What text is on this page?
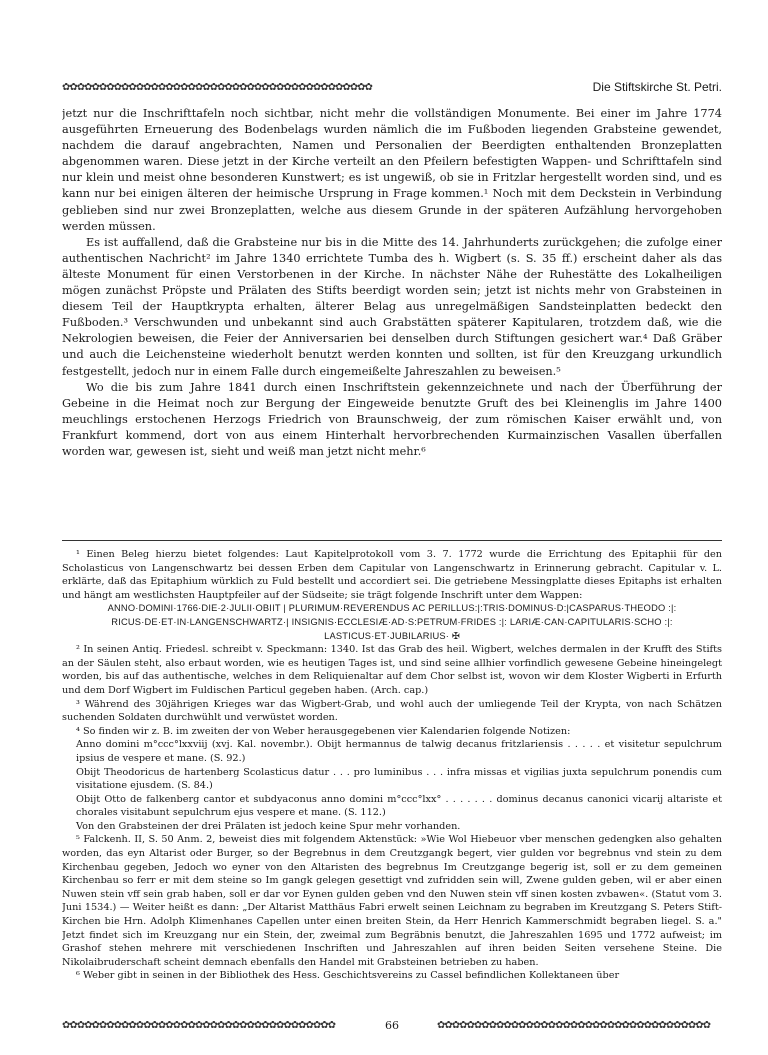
✿✿✿✿✿✿✿✿✿✿✿✿✿✿✿✿✿✿✿✿✿✿✿✿✿✿✿✿✿✿✿✿✿✿✿✿✿✿✿✿✿✿	Die Stiftskirche St. Petri.

jetzt nur die Inschrifttafeln noch sichtbar, nicht mehr die vollständigen Monumente. Bei einer im Jahre 1774 ausgeführten Erneuerung des Bodenbelags wurden nämlich die im Fußboden liegenden Grabsteine gewendet, nachdem die darauf angebrachten, Namen und Personalien der Beerdigten enthaltenden Bronzeplatten abgenommen waren. Diese jetzt in der Kirche verteilt an den Pfeilern befestigten Wappen- und Schrifttafeln sind nur klein und meist ohne besonderen Kunstwert; es ist ungewiß, ob sie in Fritzlar hergestellt worden sind, und es kann nur bei einigen älteren der heimische Ursprung in Frage kommen.¹ Noch mit dem Deckstein in Verbindung geblieben sind nur zwei Bronzeplatten, welche aus diesem Grunde in der späteren Aufzählung hervorgehoben werden müssen.

Es ist auffallend, daß die Grabsteine nur bis in die Mitte des 14. Jahrhunderts zurückgehen; die zufolge einer authentischen Nachricht² im Jahre 1340 errichtete Tumba des h. Wigbert (s. S. 35 ff.) erscheint daher als das älteste Monument für einen Verstorbenen in der Kirche. In nächster Nähe der Ruhestätte des Lokalheiligen mögen zunächst Pröpste und Prälaten des Stifts beerdigt worden sein; jetzt ist nichts mehr von Grabsteinen in diesem Teil der Hauptkrypta erhalten, älterer Belag aus unregelmäßigen Sandsteinplatten bedeckt den Fußboden.³ Verschwunden und unbekannt sind auch Grabstätten späterer Kapitularen, trotzdem daß, wie die Nekrologien beweisen, die Feier der Anniversarien bei denselben durch Stiftungen gesichert war.⁴ Daß Gräber und auch die Leichensteine wiederholt benutzt werden konnten und sollten, ist für den Kreuzgang urkundlich festgestellt, jedoch nur in einem Falle durch eingemeißelte Jahreszahlen zu beweisen.⁵

Wo die bis zum Jahre 1841 durch einen Inschriftstein gekennzeichnete und nach der Überführung der Gebeine in die Heimat noch zur Bergung der Eingeweide benutzte Gruft des bei Kleinenglis im Jahre 1400 meuchlings erstochenen Herzogs Friedrich von Braunschweig, der zum römischen Kaiser erwählt und, von Frankfurt kommend, dort von aus einem Hinterhalt hervorbrechenden Kurmainzischen Vasallen überfallen worden war, gewesen ist, sieht und weiß man jetzt nicht mehr.⁶

¹ Einen Beleg hierzu bietet folgendes: Laut Kapitelprotokoll vom 3. 7. 1772 wurde die Errichtung des Epitaphii für den Scholasticus von Langenschwartz bei dessen Erben dem Capitular von Langenschwartz in Erinnerung gebracht. Capitular v. L. erklärte, daß das Epitaphium würklich zu Fuld bestellt und accordiert sei. Die getriebene Messingplatte dieses Epitaphs ist erhalten und hängt am westlichsten Hauptpfeiler auf der Südseite; sie trägt folgende Inschrift unter dem Wappen:

ANNO·DOMINI·1766·DIE·2·JULII·OBIIT | PLURIMUM·REVERENDUS AC PERILLUS:|:TRIS·DOMINUS·D:|CASPARUS·THEODO :|: RICUS·DE·ET·IN·LANGENSCHWARTZ·| INSIGNIS·ECCLESIÆ·AD·S:PETRUM·FRIDES :|: LARIÆ·CAN·CAPITULARIS·SCHO :|: LASTICUS·ET·JUBILARIUS· ✠

² In seinen Antiq. Friedesl. schreibt v. Speckmann: 1340. Ist das Grab des heil. Wigbert, welches dermalen in der Krufft des Stifts an der Säulen steht, also erbaut worden, wie es heutigen Tages ist, und sind seine allhier vorfindlich gewesene Gebeine hineingelegt worden, bis auf das authentische, welches in dem Reliquienaltar auf dem Chor selbst ist, wovon wir dem Kloster Wigberti in Erfurth und dem Dorf Wigbert im Fuldischen Particul gegeben haben. (Arch. cap.)

³ Während des 30jährigen Krieges war das Wigbert-Grab, und wohl auch der umliegende Teil der Krypta, von nach Schätzen suchenden Soldaten durchwühlt und verwüstet worden.

⁴ So finden wir z. B. im zweiten der von Weber herausgegebenen vier Kalendarien folgende Notizen:

Anno domini m°ccc°lxxviij (xvj. Kal. novembr.). Obijt hermannus de talwig decanus fritzlariensis . . . . . et visitetur sepulchrum ipsius de vespere et mane. (S. 92.)

Obijt Theodoricus de hartenberg Scolasticus datur . . . pro luminibus . . . infra missas et vigilias juxta sepulchrum ponendis cum visitatione ejusdem. (S. 84.)

Obijt Otto de falkenberg cantor et subdyaconus anno domini m°ccc°lxx° . . . . . . . dominus decanus canonici vicarij altariste et chorales visitabunt sepulchrum ejus vespere et mane. (S. 112.)

Von den Grabsteinen der drei Prälaten ist jedoch keine Spur mehr vorhanden.

⁵ Falckenh. II, S. 50 Anm. 2, beweist dies mit folgendem Aktenstück: »Wie Wol Hiebeuor vber menschen gedengken also gehalten worden, das eyn Altarist oder Burger, so der Begrebnus in dem Creutzgangk begert, vier gulden vor begrebnus vnd stein zu dem Kirchenbau gegeben, Jedoch wo eyner von den Altaristen des begrebnus Im Creutzgange begerig ist, soll er zu dem gemeinen Kirchenbau so ferr er mit dem steine so Im gangk gelegen gesettigt vnd zufridden sein will, Zwene gulden geben, wil er aber einen Nuwen stein vff sein grab haben, soll er dar vor Eynen gulden geben vnd den Nuwen stein vff sinen kosten zvbawen«. (Statut vom 3. Juni 1534.) — Weiter heißt es dann: „Der Altarist Matthäus Fabri erwelt seinen Leichnam zu begraben im Kreutzgang S. Peters Stift-Kirchen bie Hrn. Adolph Klimenhanes Capellen unter einen breiten Stein, da Herr Henrich Kammerschmidt begraben liegel. S. a." Jetzt findet sich im Kreuzgang nur ein Stein, der, zweimal zum Begräbnis benutzt, die Jahreszahlen 1695 und 1772 aufweist; im Grashof stehen mehrere mit verschiedenen Inschriften und Jahreszahlen auf ihren beiden Seiten versehene Steine. Die Nikolaibruderschaft scheint demnach ebenfalls den Handel mit Grabsteinen betrieben zu haben.

⁶ Weber gibt in seinen in der Bibliothek des Hess. Geschichtsvereins zu Cassel befindlichen Kollektaneen über

✿✿✿✿✿✿✿✿✿✿✿✿✿✿✿✿✿✿✿✿✿✿✿✿✿✿✿✿✿✿✿✿✿✿✿✿✿	66	✿✿✿✿✿✿✿✿✿✿✿✿✿✿✿✿✿✿✿✿✿✿✿✿✿✿✿✿✿✿✿✿✿✿✿✿✿
